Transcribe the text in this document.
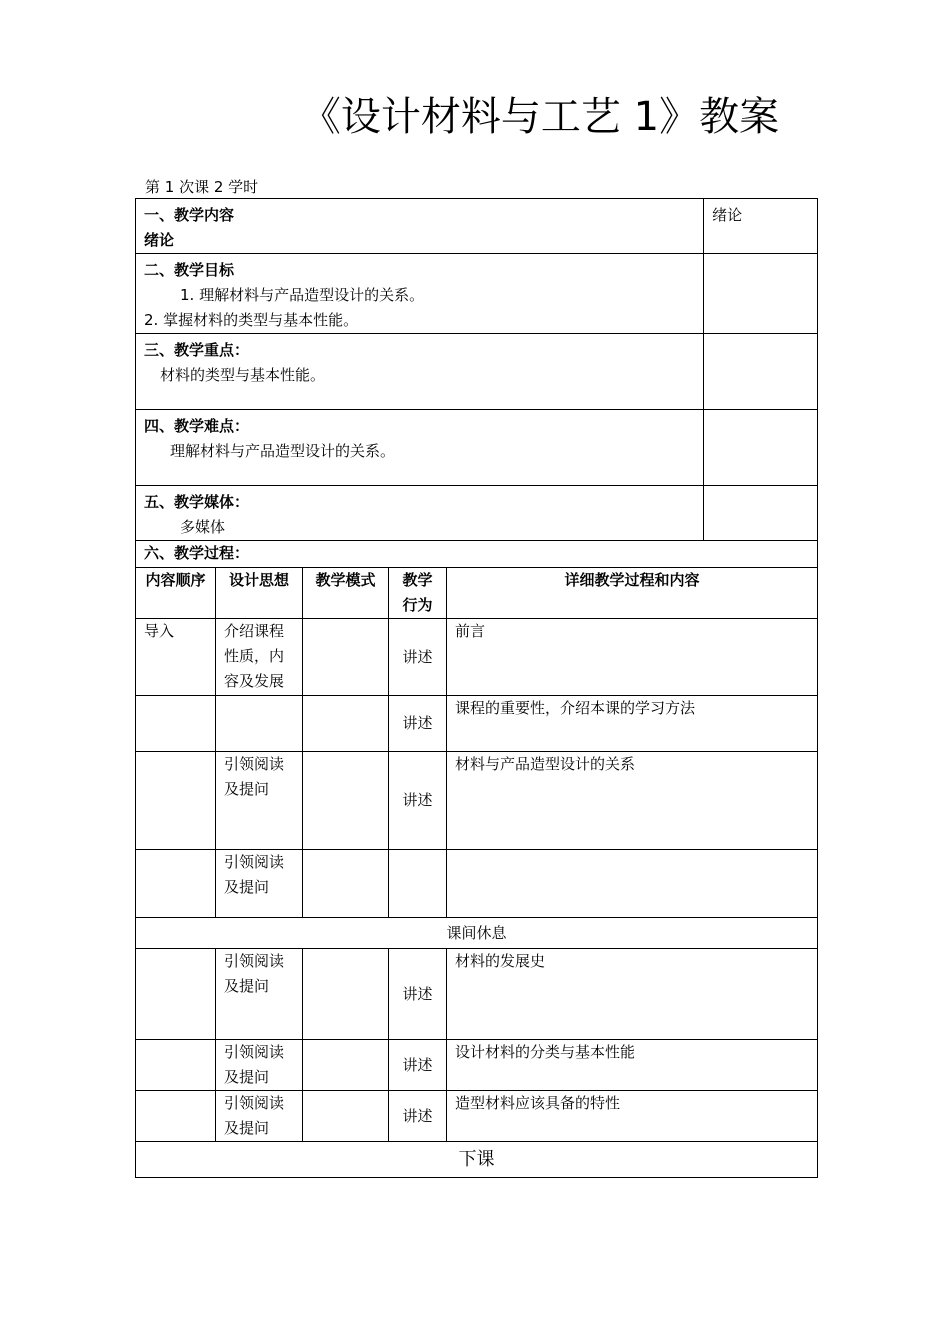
《设计材料与工艺 1》教案
第 1 次课 2 学时
一、教学内容
绪论					绪论

二、教学目标
1. 理解材料与产品造型设计的关系。
2. 掌握材料的类型与基本性能。					

三、教学重点：
材料的类型与基本性能。					

四、教学难点：
理解材料与产品造型设计的关系。					

五、教学媒体：
多媒体					

六、教学过程：					
内容顺序	设计思想	教学模式	教学行为	详细教学过程和内容	
导入	介绍课程性质，内容及发展		讲述	前言	
			讲述	课程的重要性，介绍本课的学习方法	
	引领阅读及提问		讲述	材料与产品造型设计的关系	
	引领阅读及提问				
课间休息					
	引领阅读及提问		讲述	材料的发展史	
	引领阅读及提问		讲述	设计材料的分类与基本性能	
	引领阅读及提问		讲述	造型材料应该具备的特性	
下课					
